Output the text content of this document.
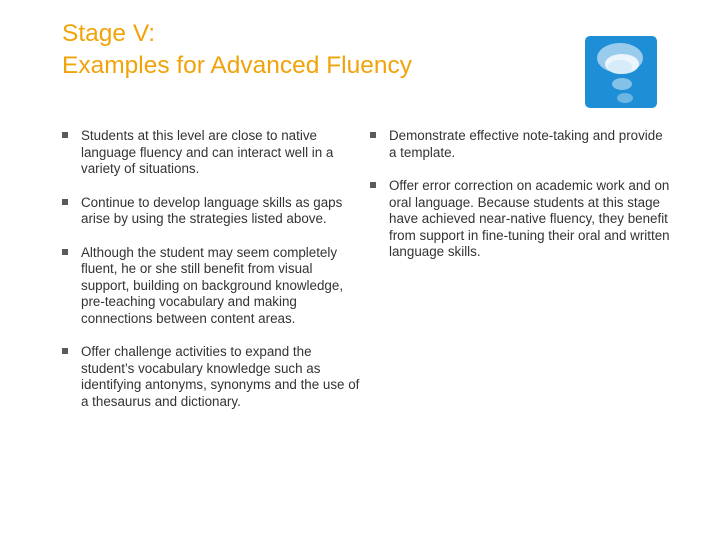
Stage V:
Examples for Advanced Fluency
Students at this level are close to native language fluency and can interact well in a variety of situations.
Continue to develop language skills as gaps arise by using the strategies listed above.
Although the student may seem completely fluent, he or she still benefit from visual support, building on background knowledge, pre-teaching vocabulary and making connections between content areas.
Offer challenge activities to expand the student’s vocabulary knowledge such as identifying antonyms, synonyms and the use of a thesaurus and dictionary.
Demonstrate effective note-taking and provide a template.
Offer error correction on academic work and on oral language. Because students at this stage have achieved near-native fluency, they benefit from support in fine-tuning their oral and written language skills.
